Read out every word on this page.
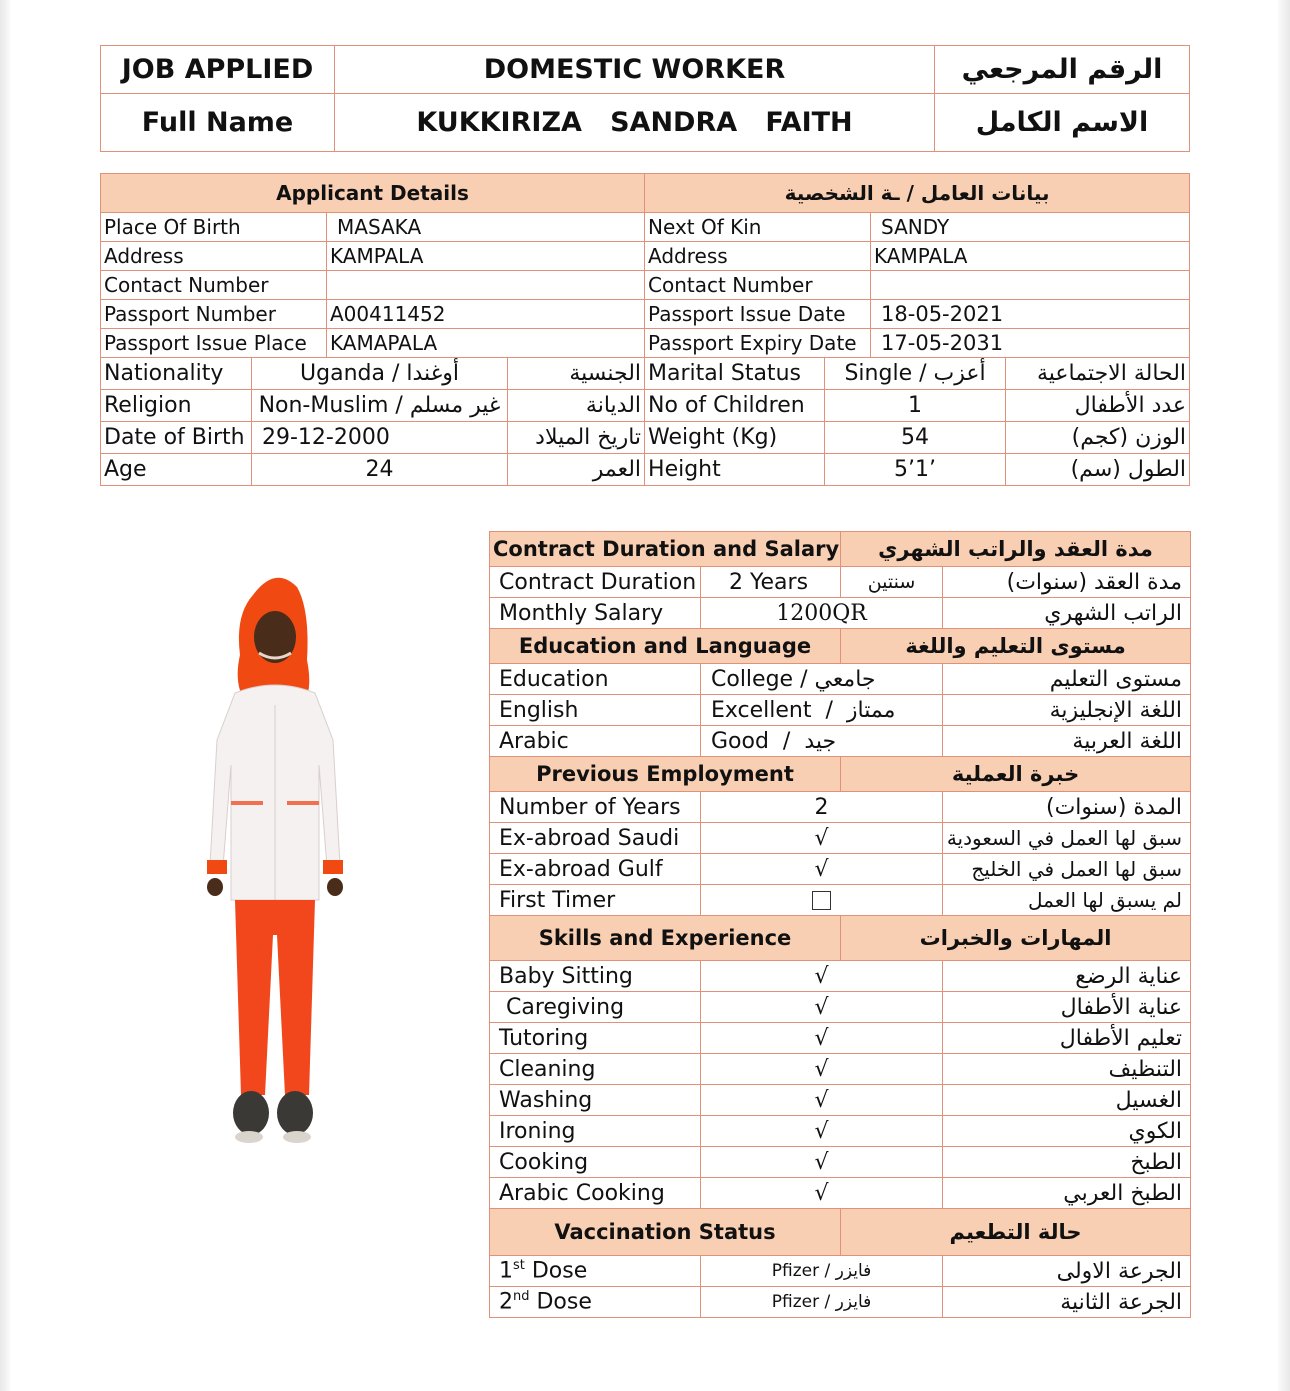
JOB APPLIED	DOMESTIC WORKER	الرقم المرجعي
Full Name	KUKKIRIZA   SANDRA   FAITH	الاسم الكامل
Applicant Details				بيانات العامل / ـة الشخصية			
Place Of Birth		MASAKA		Next Of Kin		SANDY	
Address		KAMPALA		Address		KAMPALA	
Contact Number				Contact Number			
Passport Number		A00411452		Passport Issue Date		18-05-2021	
Passport Issue Place		KAMAPALA		Passport Expiry Date		17-05-2031	
Nationality	Uganda / أوغندا		الجنسية	Marital Status	Single / أعزب		الحالة الاجتماعية
Religion	Non-Muslim / غير مسلم		الديانة	No of Children	1		عدد الأطفال
Date of Birth	29-12-2000		تاريخ الميلاد	Weight (Kg)	54		الوزن (كجم)
Age	24		العمر	Height	5’1’		الطول (سم)
Contract Duration and Salary		مدة العقد والراتب الشهري	
Contract Duration	2 Years	سنتين	مدة العقد (سنوات)
Monthly Salary	1200QR		الراتب الشهري
Education and Language		مستوى التعليم واللغة	
Education	College / جامعي		مستوى التعليم
English	Excellent  /  ممتاز		اللغة الإنجليزية
Arabic	Good  /  جيد		اللغة العربية
Previous Employment		خبرة العملية	
Number of Years	2		المدة (سنوات)
Ex-abroad Saudi	√		سبق لها العمل في السعودية
Ex-abroad Gulf	√		سبق لها العمل في الخليج
First Timer			لم يسبق لها العمل
Skills and Experience		المهارات والخبرات	
Baby Sitting	√		عناية الرضع
Caregiving	√		عناية الأطفال
Tutoring	√		تعليم الأطفال
Cleaning	√		التنظيف
Washing	√		الغسيل
Ironing	√		الكوي
Cooking	√		الطبخ
Arabic Cooking	√		الطبخ العربي
Vaccination Status		حالة التطعيم	
1st Dose	Pfizer / فايزر		الجرعة الاولى
2nd Dose	Pfizer / فايزر		الجرعة الثانية
